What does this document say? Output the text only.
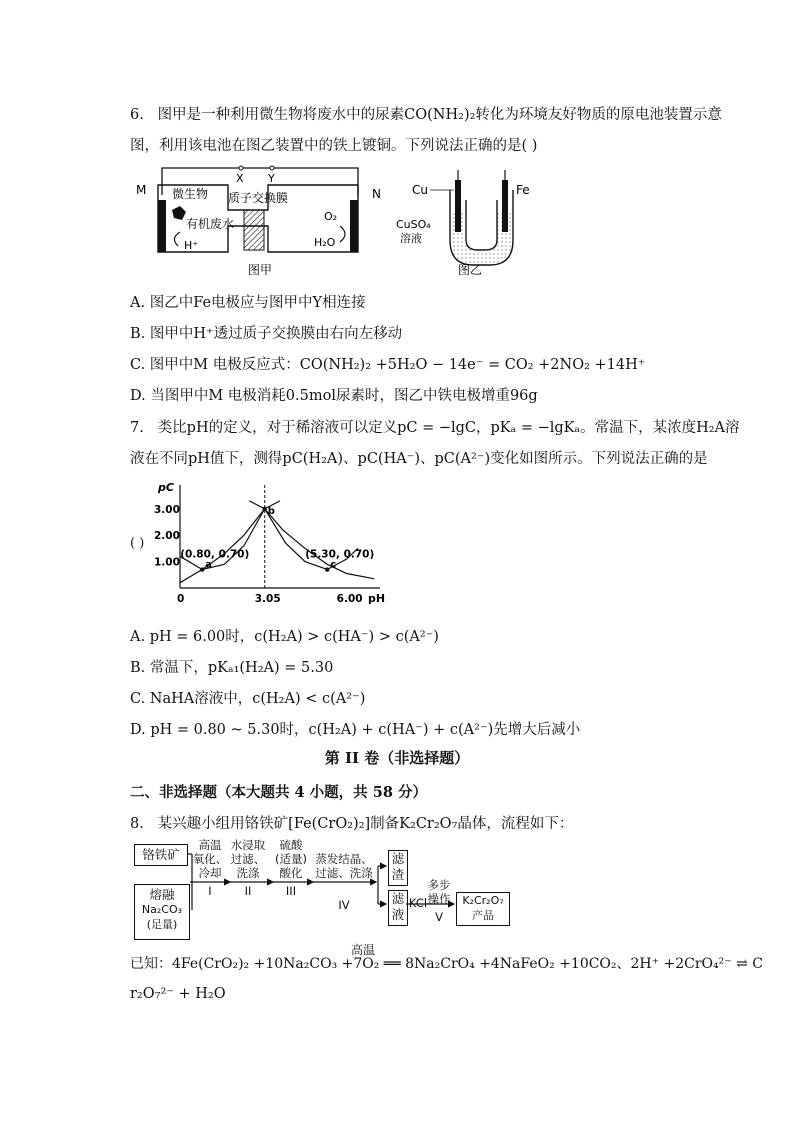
6. 图甲是一种利用微生物将废水中的尿素CO(NH₂)₂转化为环境友好物质的原电池装置示意
图，利用该电池在图乙装置中的铁上镀铜。下列说法正确的是( )
X Y
M	N
微生物 质子交换膜
有机废水
H⁺
O₂
H₂O
图甲
Cu	Fe
CuSO₄
溶液
图乙
A. 图乙中Fe电极应与图甲中Y相连接
B. 图甲中H⁺透过质子交换膜由右向左移动
C. 图甲中M 电极反应式：CO(NH₂)₂ +5H₂O − 14e⁻ = CO₂ +2NO₂ +14H⁺
D. 当图甲中M 电极消耗0.5mol尿素时，图乙中铁电极增重96g
7. 类比pH的定义，对于稀溶液可以定义pC = −lgC，pKₐ = −lgKₐ。常温下，某浓度H₂A溶
液在不同pH值下，测得pC(H₂A)、pC(HA⁻)、pC(A²⁻)变化如图所示。下列说法正确的是
( )
pC
pH
1.00
2.00
3.00
0	3.05	6.00
a
(0.80, 0.70)
b
c
(5.30, 0.70)
A. pH = 6.00时，c(H₂A) > c(HA⁻) > c(A²⁻)
B. 常温下，pKₐ₁(H₂A) = 5.30
C. NaHA溶液中，c(H₂A) < c(A²⁻)
D. pH = 0.80 ~ 5.30时，c(H₂A) + c(HA⁻) + c(A²⁻)先增大后减小
第 II 卷（非选择题）
二、非选择题（本大题共 4 小题，共 58 分）
8. 某兴趣小组用铬铁矿[Fe(CrO₂)₂]制备K₂Cr₂O₇晶体，流程如下：
铬铁矿
熔融
Na₂CO₃
(足量)
高温
氧化、
冷却
I
水浸取
过滤、
洗涤
II
硫酸
(适量)
酸化
III
蒸发结晶、
过滤、洗涤
IV
滤
渣
滤
液
KCl
多步
操作
V
K₂Cr₂O₇
产品
高温
已知：4Fe(CrO₂)₂ +10Na₂CO₃ +7O₂ ══ 8Na₂CrO₄ +4NaFeO₂ +10CO₂、2H⁺ +2CrO₄²⁻ ⇌ C
r₂O₇²⁻ + H₂O
